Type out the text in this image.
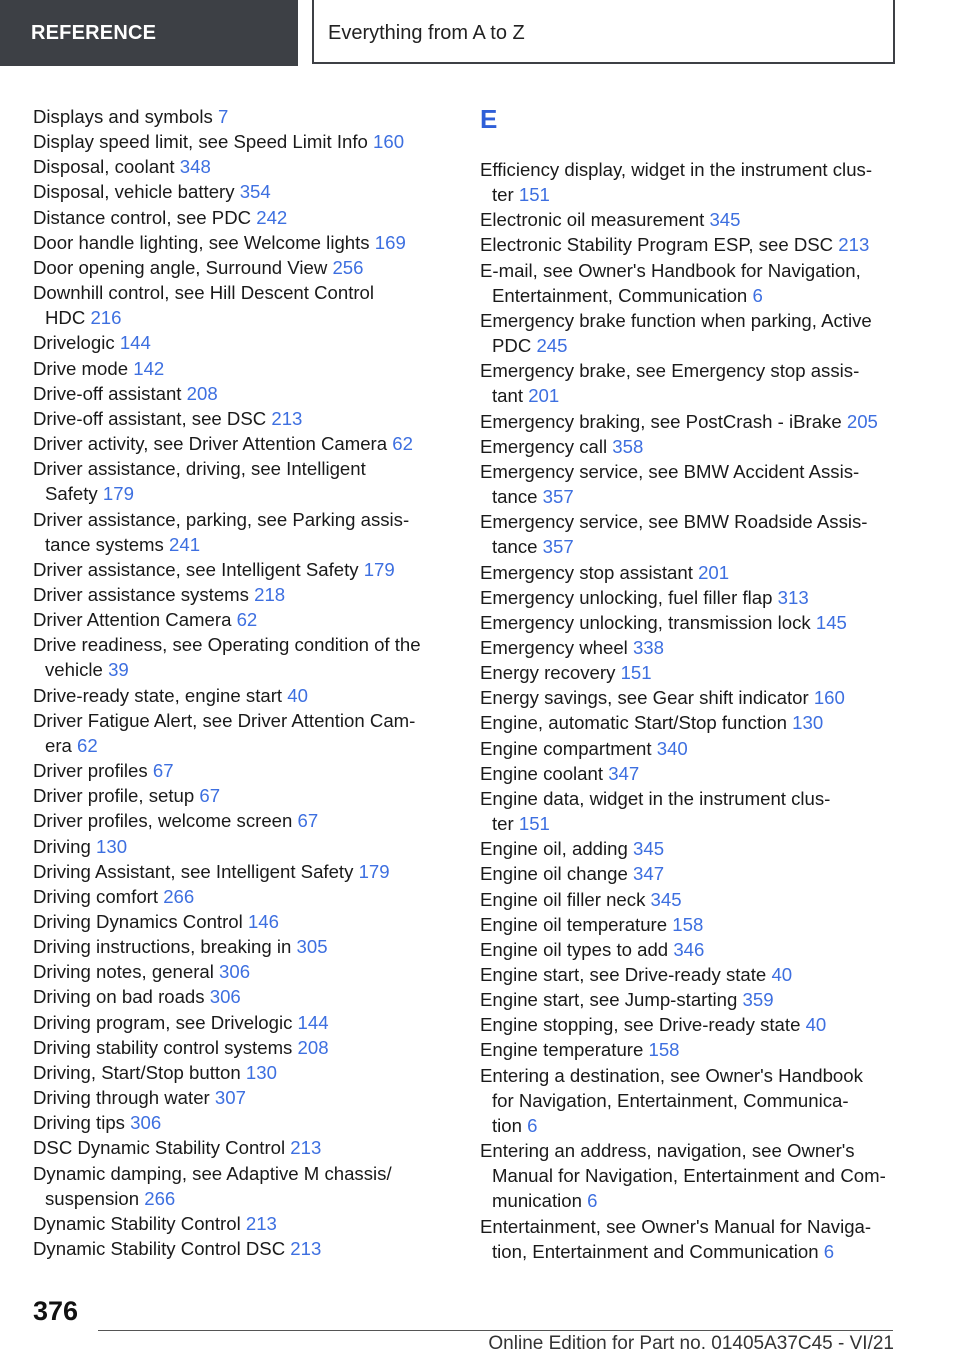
REFERENCE	Everything from A to Z
Displays and symbols 7
Display speed limit, see Speed Limit Info 160
Disposal, coolant 348
Disposal, vehicle battery 354
Distance control, see PDC 242
Door handle lighting, see Welcome lights 169
Door opening angle, Surround View 256
Downhill control, see Hill Descent Control
HDC 216
Drivelogic 144
Drive mode 142
Drive-off assistant 208
Drive-off assistant, see DSC 213
Driver activity, see Driver Attention Camera 62
Driver assistance, driving, see Intelligent
Safety 179
Driver assistance, parking, see Parking assis-
tance systems 241
Driver assistance, see Intelligent Safety 179
Driver assistance systems 218
Driver Attention Camera 62
Drive readiness, see Operating condition of the
vehicle 39
Drive-ready state, engine start 40
Driver Fatigue Alert, see Driver Attention Cam-
era 62
Driver profiles 67
Driver profile, setup 67
Driver profiles, welcome screen 67
Driving 130
Driving Assistant, see Intelligent Safety 179
Driving comfort 266
Driving Dynamics Control 146
Driving instructions, breaking in 305
Driving notes, general 306
Driving on bad roads 306
Driving program, see Drivelogic 144
Driving stability control systems 208
Driving, Start/Stop button 130
Driving through water 307
Driving tips 306
DSC Dynamic Stability Control 213
Dynamic damping, see Adaptive M chassis/
suspension 266
Dynamic Stability Control 213
Dynamic Stability Control DSC 213
E
Efficiency display, widget in the instrument clus-
ter 151
Electronic oil measurement 345
Electronic Stability Program ESP, see DSC 213
E-mail, see Owner's Handbook for Navigation,
Entertainment, Communication 6
Emergency brake function when parking, Active
PDC 245
Emergency brake, see Emergency stop assis-
tant 201
Emergency braking, see PostCrash - iBrake 205
Emergency call 358
Emergency service, see BMW Accident Assis-
tance 357
Emergency service, see BMW Roadside Assis-
tance 357
Emergency stop assistant 201
Emergency unlocking, fuel filler flap 313
Emergency unlocking, transmission lock 145
Emergency wheel 338
Energy recovery 151
Energy savings, see Gear shift indicator 160
Engine, automatic Start/Stop function 130
Engine compartment 340
Engine coolant 347
Engine data, widget in the instrument clus-
ter 151
Engine oil, adding 345
Engine oil change 347
Engine oil filler neck 345
Engine oil temperature 158
Engine oil types to add 346
Engine start, see Drive-ready state 40
Engine start, see Jump-starting 359
Engine stopping, see Drive-ready state 40
Engine temperature 158
Entering a destination, see Owner's Handbook
for Navigation, Entertainment, Communica-
tion 6
Entering an address, navigation, see Owner's
Manual for Navigation, Entertainment and Com-
munication 6
Entertainment, see Owner's Manual for Naviga-
tion, Entertainment and Communication 6
376
Online Edition for Part no. 01405A37C45 - VI/21
